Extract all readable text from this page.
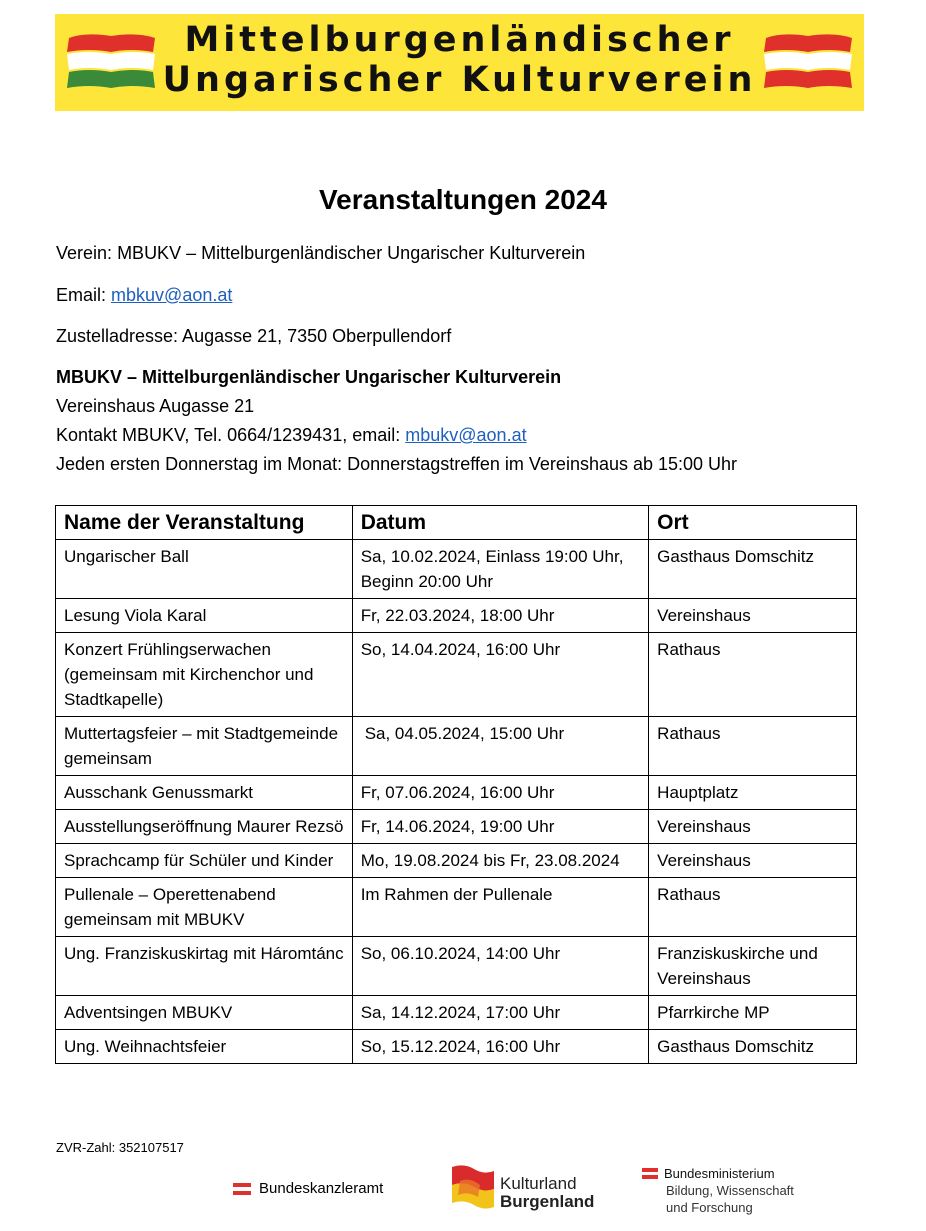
Mittelburgenländischer
Ungarischer Kulturverein
Veranstaltungen 2024
Verein: MBUKV – Mittelburgenländischer Ungarischer Kulturverein
Email: mbkuv@aon.at
Zustelladresse: Augasse 21, 7350 Oberpullendorf
MBUKV – Mittelburgenländischer Ungarischer Kulturverein
Vereinshaus Augasse 21
Kontakt MBUKV, Tel. 0664/1239431, email: mbukv@aon.at
Jeden ersten Donnerstag im Monat: Donnerstagstreffen im Vereinshaus ab 15:00 Uhr
Name der Veranstaltung	Datum	Ort
Ungarischer Ball	Sa, 10.02.2024, Einlass 19:00 Uhr, Beginn 20:00 Uhr	Gasthaus Domschitz
Lesung Viola Karal	Fr, 22.03.2024, 18:00 Uhr	Vereinshaus
Konzert Frühlingserwachen (gemeinsam mit Kirchenchor und Stadtkapelle)	So, 14.04.2024, 16:00 Uhr	Rathaus
Muttertagsfeier – mit Stadtgemeinde gemeinsam	Sa, 04.05.2024, 15:00 Uhr	Rathaus
Ausschank Genussmarkt	Fr, 07.06.2024, 16:00 Uhr	Hauptplatz
Ausstellungseröffnung Maurer Rezsö	Fr, 14.06.2024, 19:00 Uhr	Vereinshaus
Sprachcamp für Schüler und Kinder	Mo, 19.08.2024 bis Fr, 23.08.2024	Vereinshaus
Pullenale – Operettenabend gemeinsam mit MBUKV	Im Rahmen der Pullenale	Rathaus
Ung. Franziskuskirtag mit Háromtánc	So, 06.10.2024, 14:00 Uhr	Franziskuskirche und Vereinshaus
Adventsingen MBUKV	Sa, 14.12.2024, 17:00 Uhr	Pfarrkirche MP
Ung. Weihnachtsfeier	So, 15.12.2024, 16:00 Uhr	Gasthaus Domschitz
ZVR-Zahl: 352107517
Bundeskanzleramt	Kulturland
Burgenland
Bundesministerium
Bildung, Wissenschaft
und Forschung
